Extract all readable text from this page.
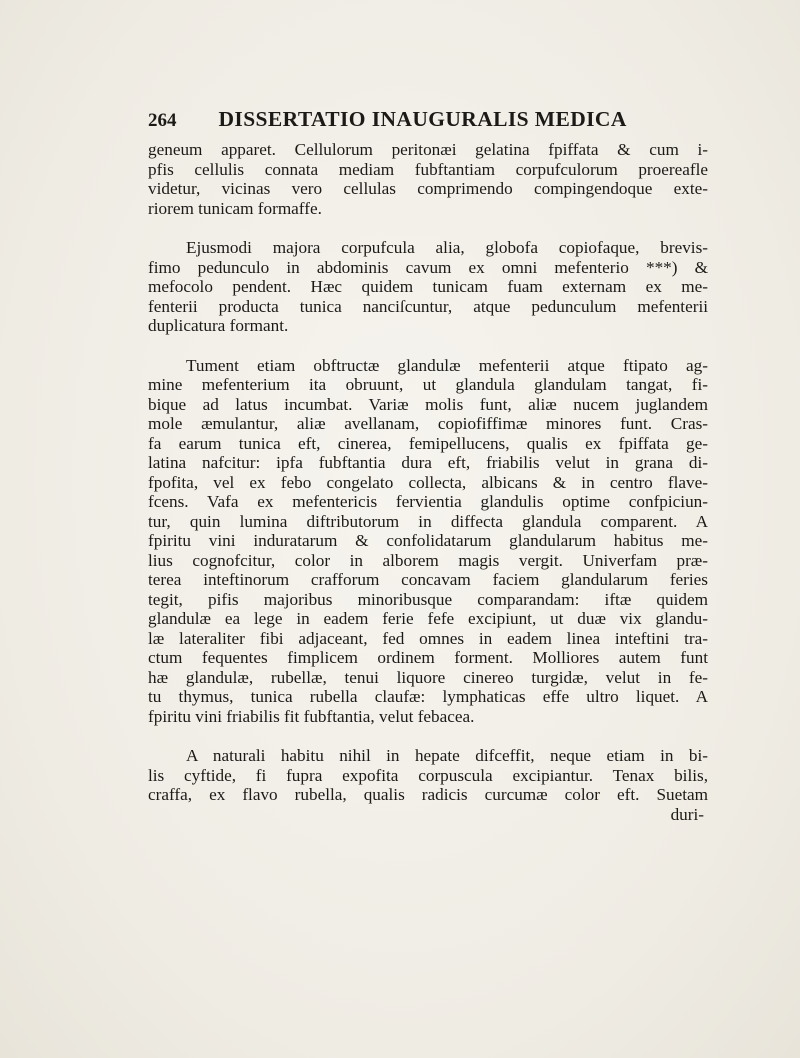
264 DISSERTATIO INAUGURALIS MEDICA
geneum apparet. Cellulorum peritonæi gelatina fpiffata & cum i-
pfis cellulis connata mediam fubftantiam corpufculorum proereafle
videtur, vicinas vero cellulas comprimendo compingendoque exte-
riorem tunicam formaffe.
Ejusmodi majora corpufcula alia, globofa copiofaque, brevis-
fimo pedunculo in abdominis cavum ex omni mefenterio ***) &
mefocolo pendent. Hæc quidem tunicam fuam externam ex me-
fenterii producta tunica nanciſcuntur, atque pedunculum mefenterii
duplicatura formant.
Tument etiam obftructæ glandulæ mefenterii atque ftipato ag-
mine mefenterium ita obruunt, ut glandula glandulam tangat, fi-
bique ad latus incumbat. Variæ molis funt, aliæ nucem juglandem
mole æmulantur, aliæ avellanam, copiofiffimæ minores funt. Cras-
fa earum tunica eft, cinerea, femipellucens, qualis ex fpiffata ge-
latina nafcitur: ipfa fubftantia dura eft, friabilis velut in grana di-
fpofita, vel ex febo congelato collecta, albicans & in centro flave-
fcens. Vafa ex mefentericis fervientia glandulis optime confpiciun-
tur, quin lumina diftributorum in diffecta glandula comparent. A
fpiritu vini induratarum & confolidatarum glandularum habitus me-
lius cognofcitur, color in alborem magis vergit. Univerfam præ-
terea inteftinorum crafforum concavam faciem glandularum feries
tegit, pifis majoribus minoribusque comparandam: iftæ quidem
glandulæ ea lege in eadem ferie fefe excipiunt, ut duæ vix glandu-
læ lateraliter fibi adjaceant, fed omnes in eadem linea inteftini tra-
ctum fequentes fimplicem ordinem forment. Molliores autem funt
hæ glandulæ, rubellæ, tenui liquore cinereo turgidæ, velut in fe-
tu thymus, tunica rubella claufæ: lymphaticas effe ultro liquet. A
fpiritu vini friabilis fit fubftantia, velut febacea.
A naturali habitu nihil in hepate difceffit, neque etiam in bi-
lis cyftide, fi fupra expofita corpuscula excipiantur. Tenax bilis,
craffa, ex flavo rubella, qualis radicis curcumæ color eft. Suetam
duri-
